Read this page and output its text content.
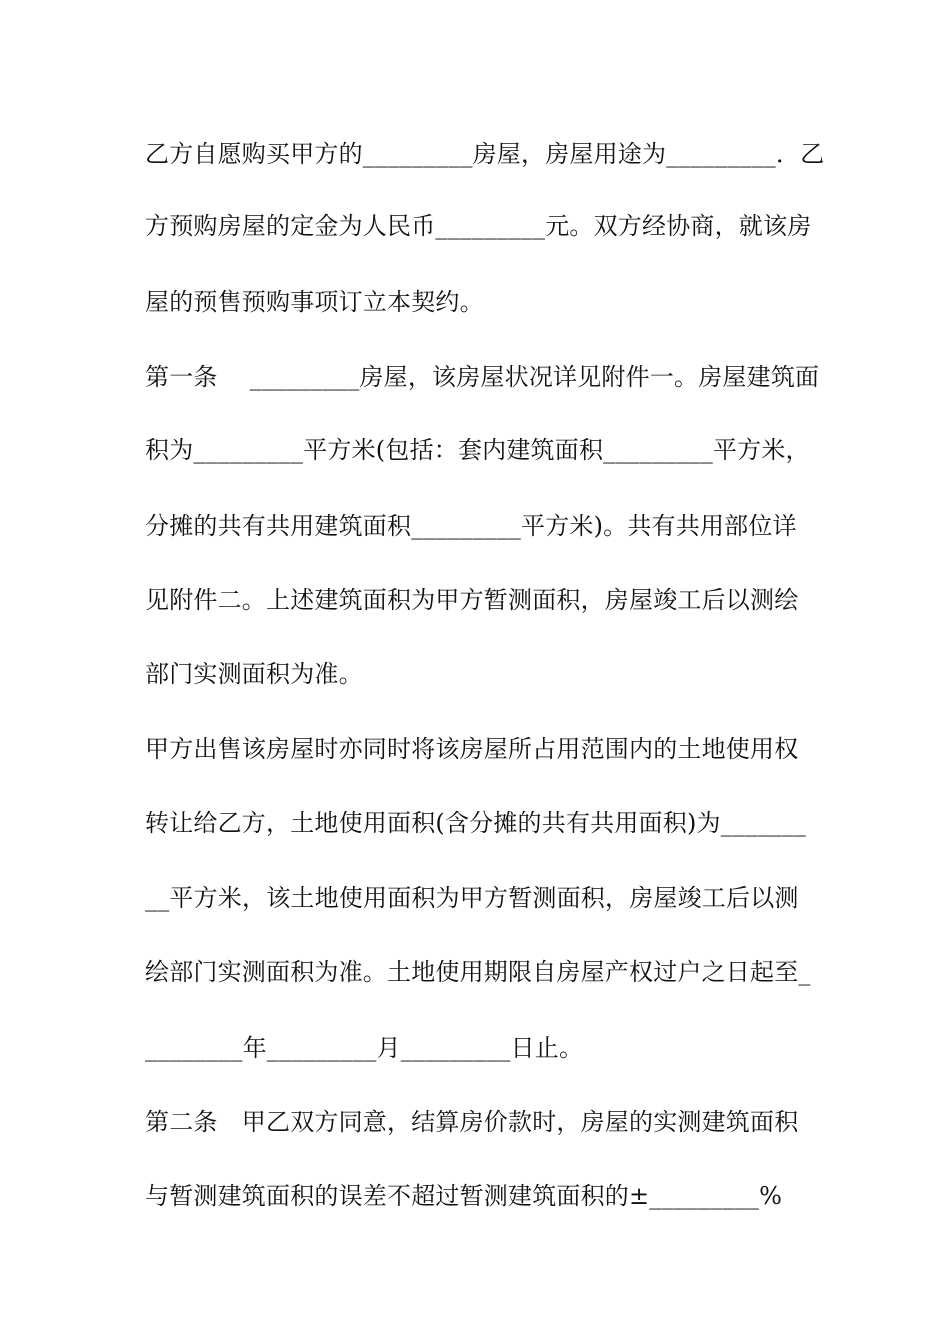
乙方自愿购买甲方的_________房屋，房屋用途为_________．乙
方预购房屋的定金为人民币_________元。双方经协商，就该房
屋的预售预购事项订立本契约。
第一条　 _________房屋，该房屋状况详见附件一。房屋建筑面
积为_________平方米(包括：套内建筑面积_________平方米，
分摊的共有共用建筑面积_________平方米)。共有共用部位详
见附件二。上述建筑面积为甲方暂测面积，房屋竣工后以测绘
部门实测面积为准。
甲方出售该房屋时亦同时将该房屋所占用范围内的土地使用权
转让给乙方，土地使用面积(含分摊的共有共用面积)为_______
__平方米，该土地使用面积为甲方暂测面积，房屋竣工后以测
绘部门实测面积为准。土地使用期限自房屋产权过户之日起至_
________年_________月_________日止。
第二条　甲乙双方同意，结算房价款时，房屋的实测建筑面积
与暂测建筑面积的误差不超过暂测建筑面积的±_________%
